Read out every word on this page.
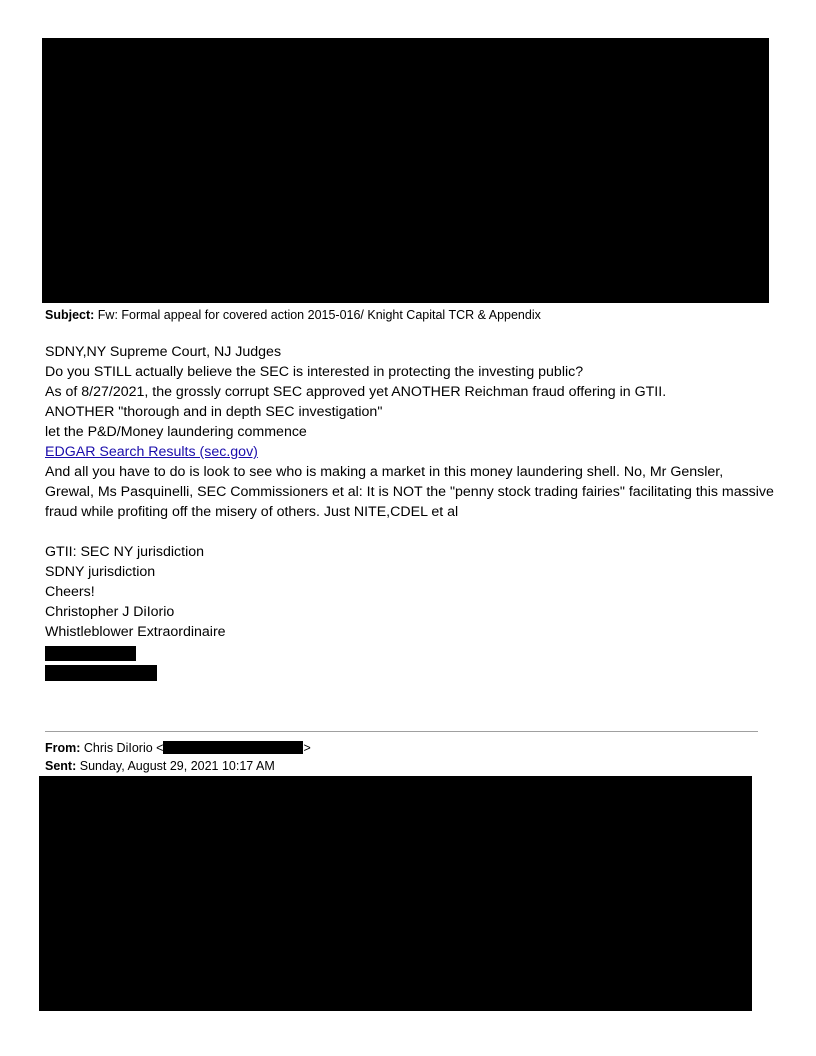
Subject: Fw: Formal appeal for covered action 2015-016/ Knight Capital TCR & Appendix
SDNY,NY Supreme Court, NJ Judges
Do you STILL actually believe the SEC is interested in protecting the investing public?
As of 8/27/2021, the grossly corrupt SEC approved yet ANOTHER Reichman fraud offering in GTII.
ANOTHER "thorough and in depth SEC investigation"
let the P&D/Money laundering commence
EDGAR Search Results (sec.gov)
And all you have to do is look to see who is making a market in this money laundering shell. No, Mr Gensler, Grewal, Ms Pasquinelli, SEC Commissioners et al: It is NOT the "penny stock trading fairies" facilitating this massive fraud while profiting off the misery of others. Just NITE,CDEL et al
GTII: SEC NY jurisdiction
SDNY jurisdiction
Cheers!
Christopher J DiIorio
Whistleblower Extraordinaire
From: Chris DiIorio <	>
Sent: Sunday, August 29, 2021 10:17 AM
